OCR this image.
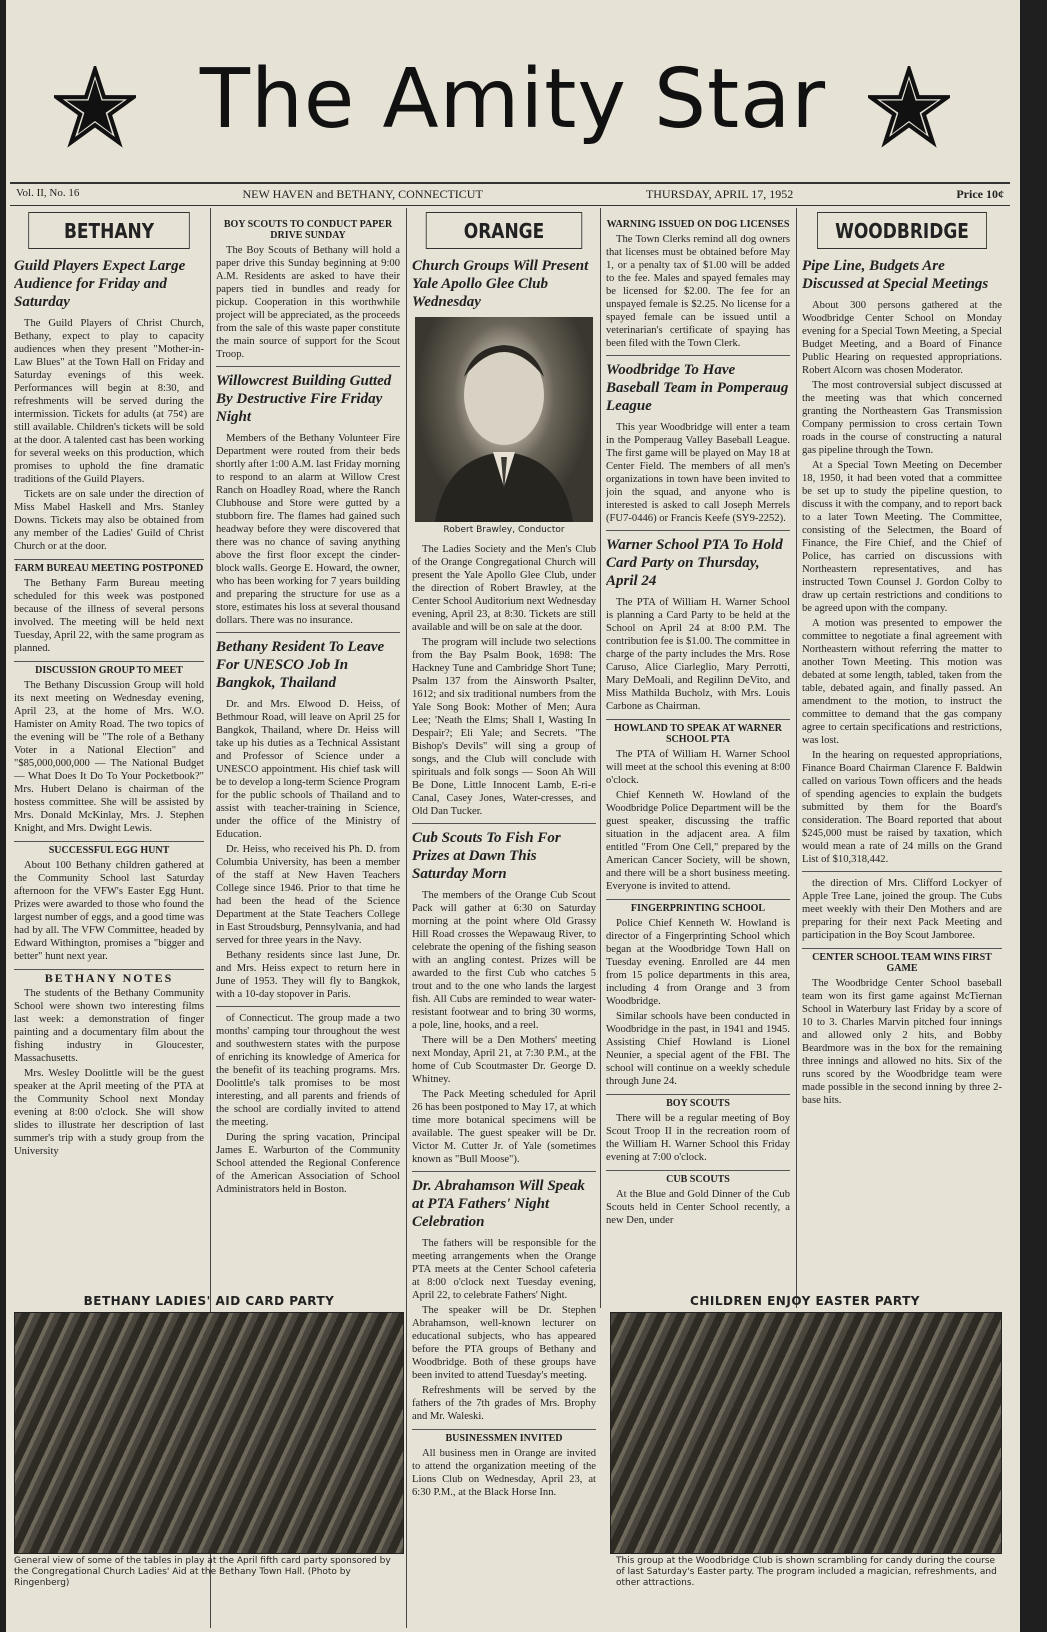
The Amity Star
Vol. II, No. 16	NEW HAVEN and BETHANY, CONNECTICUT	THURSDAY, APRIL 17, 1952	Price 10¢
BETHANY
Guild Players Expect Large Audience for Friday and Saturday

The Guild Players of Christ Church, Bethany, expect to play to capacity audiences when they present "Mother-in-Law Blues" at the Town Hall on Friday and Saturday evenings of this week. Performances will begin at 8:30, and refreshments will be served during the intermission. Tickets for adults (at 75¢) are still available. Children's tickets will be sold at the door. A talented cast has been working for several weeks on this production, which promises to uphold the fine dramatic traditions of the Guild Players.

Tickets are on sale under the direction of Miss Mabel Haskell and Mrs. Stanley Downs. Tickets may also be obtained from any member of the Ladies' Guild of Christ Church or at the door.

FARM BUREAU MEETING POSTPONED

The Bethany Farm Bureau meeting scheduled for this week was postponed because of the illness of several persons involved. The meeting will be held next Tuesday, April 22, with the same program as planned.

DISCUSSION GROUP TO MEET

The Bethany Discussion Group will hold its next meeting on Wednesday evening, April 23, at the home of Mrs. W.O. Hamister on Amity Road. The two topics of the evening will be "The role of a Bethany Voter in a National Election" and "$85,000,000,000 — The National Budget — What Does It Do To Your Pocketbook?" Mrs. Hubert Delano is chairman of the hostess committee. She will be assisted by Mrs. Donald McKinlay, Mrs. J. Stephen Knight, and Mrs. Dwight Lewis.

SUCCESSFUL EGG HUNT

About 100 Bethany children gathered at the Community School last Saturday afternoon for the VFW's Easter Egg Hunt. Prizes were awarded to those who found the largest number of eggs, and a good time was had by all. The VFW Committee, headed by Edward Withington, promises a "bigger and better" hunt next year.

BETHANY NOTES

The students of the Bethany Community School were shown two interesting films last week: a demonstration of finger painting and a documentary film about the fishing industry in Gloucester, Massachusetts.

Mrs. Wesley Doolittle will be the guest speaker at the April meeting of the PTA at the Community School next Monday evening at 8:00 o'clock. She will show slides to illustrate her description of last summer's trip with a study group from the University

BOY SCOUTS TO CONDUCT PAPER DRIVE SUNDAY

The Boy Scouts of Bethany will hold a paper drive this Sunday beginning at 9:00 A.M. Residents are asked to have their papers tied in bundles and ready for pickup. Cooperation in this worthwhile project will be appreciated, as the proceeds from the sale of this waste paper constitute the main source of support for the Scout Troop.

Willowcrest Building Gutted By Destructive Fire Friday Night

Members of the Bethany Volunteer Fire Department were routed from their beds shortly after 1:00 A.M. last Friday morning to respond to an alarm at Willow Crest Ranch on Hoadley Road, where the Ranch Clubhouse and Store were gutted by a stubborn fire. The flames had gained such headway before they were discovered that there was no chance of saving anything above the first floor except the cinder-block walls. George E. Howard, the owner, who has been working for 7 years building and preparing the structure for use as a store, estimates his loss at several thousand dollars. There was no insurance.

Bethany Resident To Leave For UNESCO Job In Bangkok, Thailand

Dr. and Mrs. Elwood D. Heiss, of Bethmour Road, will leave on April 25 for Bangkok, Thailand, where Dr. Heiss will take up his duties as a Technical Assistant and Professor of Science under a UNESCO appointment. His chief task will be to develop a long-term Science Program for the public schools of Thailand and to assist with teacher-training in Science, under the office of the Ministry of Education.

Dr. Heiss, who received his Ph. D. from Columbia University, has been a member of the staff at New Haven Teachers College since 1946. Prior to that time he had been the head of the Science Department at the State Teachers College in East Stroudsburg, Pennsylvania, and had served for three years in the Navy.

Bethany residents since last June, Dr. and Mrs. Heiss expect to return here in June of 1953. They will fly to Bangkok, with a 10-day stopover in Paris.

of Connecticut. The group made a two months' camping tour throughout the west and southwestern states with the purpose of enriching its knowledge of America for the benefit of its teaching programs. Mrs. Doolittle's talk promises to be most interesting, and all parents and friends of the school are cordially invited to attend the meeting.

During the spring vacation, Principal James E. Warburton of the Community School attended the Regional Conference of the American Association of School Administrators held in Boston.

ORANGE
Church Groups Will Present Yale Apollo Glee Club Wednesday
Robert Brawley, Conductor

The Ladies Society and the Men's Club of the Orange Congregational Church will present the Yale Apollo Glee Club, under the direction of Robert Brawley, at the Center School Auditorium next Wednesday evening, April 23, at 8:30. Tickets are still available and will be on sale at the door.

The program will include two selections from the Bay Psalm Book, 1698: The Hackney Tune and Cambridge Short Tune; Psalm 137 from the Ainsworth Psalter, 1612; and six traditional numbers from the Yale Song Book: Mother of Men; Aura Lee; 'Neath the Elms; Shall I, Wasting In Despair?; Eli Yale; and Secrets. "The Bishop's Devils" will sing a group of songs, and the Club will conclude with spirituals and folk songs — Soon Ah Will Be Done, Little Innocent Lamb, E-ri-e Canal, Casey Jones, Water-cresses, and Old Dan Tucker.

Cub Scouts To Fish For Prizes at Dawn This Saturday Morn

The members of the Orange Cub Scout Pack will gather at 6:30 on Saturday morning at the point where Old Grassy Hill Road crosses the Wepawaug River, to celebrate the opening of the fishing season with an angling contest. Prizes will be awarded to the first Cub who catches 5 trout and to the one who lands the largest fish. All Cubs are reminded to wear water-resistant footwear and to bring 30 worms, a pole, line, hooks, and a reel.

There will be a Den Mothers' meeting next Monday, April 21, at 7:30 P.M., at the home of Cub Scoutmaster Dr. George D. Whitney.

The Pack Meeting scheduled for April 26 has been postponed to May 17, at which time more botanical specimens will be available. The guest speaker will be Dr. Victor M. Cutter Jr. of Yale (sometimes known as "Bull Moose").

Dr. Abrahamson Will Speak at PTA Fathers' Night Celebration

The fathers will be responsible for the meeting arrangements when the Orange PTA meets at the Center School cafeteria at 8:00 o'clock next Tuesday evening, April 22, to celebrate Fathers' Night.

The speaker will be Dr. Stephen Abrahamson, well-known lecturer on educational subjects, who has appeared before the PTA groups of Bethany and Woodbridge. Both of these groups have been invited to attend Tuesday's meeting.

Refreshments will be served by the fathers of the 7th grades of Mrs. Brophy and Mr. Waleski.

BUSINESSMEN INVITED

All business men in Orange are invited to attend the organization meeting of the Lions Club on Wednesday, April 23, at 6:30 P.M., at the Black Horse Inn.

WARNING ISSUED ON DOG LICENSES

The Town Clerks remind all dog owners that licenses must be obtained before May 1, or a penalty tax of $1.00 will be added to the fee. Males and spayed females may be licensed for $2.00. The fee for an unspayed female is $2.25. No license for a spayed female can be issued until a veterinarian's certificate of spaying has been filed with the Town Clerk.

Woodbridge To Have Baseball Team in Pomperaug League

This year Woodbridge will enter a team in the Pomperaug Valley Baseball League. The first game will be played on May 18 at Center Field. The members of all men's organizations in town have been invited to join the squad, and anyone who is interested is asked to call Joseph Merrels (FU7-0446) or Francis Keefe (SY9-2252).

Warner School PTA To Hold Card Party on Thursday, April 24

The PTA of William H. Warner School is planning a Card Party to be held at the School on April 24 at 8:00 P.M. The contribution fee is $1.00. The committee in charge of the party includes the Mrs. Rose Caruso, Alice Ciarleglio, Mary Perrotti, Mary DeMoali, and Regilinn DeVito, and Miss Mathilda Bucholz, with Mrs. Louis Carbone as Chairman.

HOWLAND TO SPEAK AT WARNER SCHOOL PTA

The PTA of William H. Warner School will meet at the school this evening at 8:00 o'clock.

Chief Kenneth W. Howland of the Woodbridge Police Department will be the guest speaker, discussing the traffic situation in the adjacent area. A film entitled "From One Cell," prepared by the American Cancer Society, will be shown, and there will be a short business meeting. Everyone is invited to attend.

FINGERPRINTING SCHOOL

Police Chief Kenneth W. Howland is director of a Fingerprinting School which began at the Woodbridge Town Hall on Tuesday evening. Enrolled are 44 men from 15 police departments in this area, including 4 from Orange and 3 from Woodbridge.

Similar schools have been conducted in Woodbridge in the past, in 1941 and 1945. Assisting Chief Howland is Lionel Neunier, a special agent of the FBI. The school will continue on a weekly schedule through June 24.

BOY SCOUTS

There will be a regular meeting of Boy Scout Troop II in the recreation room of the William H. Warner School this Friday evening at 7:00 o'clock.

CUB SCOUTS

At the Blue and Gold Dinner of the Cub Scouts held in Center School recently, a new Den, under

WOODBRIDGE
Pipe Line, Budgets Are Discussed at Special Meetings

About 300 persons gathered at the Woodbridge Center School on Monday evening for a Special Town Meeting, a Special Budget Meeting, and a Board of Finance Public Hearing on requested appropriations. Robert Alcorn was chosen Moderator.

The most controversial subject discussed at the meeting was that which concerned granting the Northeastern Gas Transmission Company permission to cross certain Town roads in the course of constructing a natural gas pipeline through the Town.

At a Special Town Meeting on December 18, 1950, it had been voted that a committee be set up to study the pipeline question, to discuss it with the company, and to report back to a later Town Meeting. The Committee, consisting of the Selectmen, the Board of Finance, the Fire Chief, and the Chief of Police, has carried on discussions with Northeastern representatives, and has instructed Town Counsel J. Gordon Colby to draw up certain restrictions and conditions to be agreed upon with the company.

A motion was presented to empower the committee to negotiate a final agreement with Northeastern without referring the matter to another Town Meeting. This motion was debated at some length, tabled, taken from the table, debated again, and finally passed. An amendment to the motion, to instruct the committee to demand that the gas company agree to certain specifications and restrictions, was lost.

In the hearing on requested appropriations, Finance Board Chairman Clarence F. Baldwin called on various Town officers and the heads of spending agencies to explain the budgets submitted by them for the Board's consideration. The Board reported that about $245,000 must be raised by taxation, which would mean a rate of 24 mills on the Grand List of $10,318,442.

the direction of Mrs. Clifford Lockyer of Apple Tree Lane, joined the group. The Cubs meet weekly with their Den Mothers and are preparing for their next Pack Meeting and participation in the Boy Scout Jamboree.

CENTER SCHOOL TEAM WINS FIRST GAME

The Woodbridge Center School baseball team won its first game against McTiernan School in Waterbury last Friday by a score of 10 to 3. Charles Marvin pitched four innings and allowed only 2 hits, and Bobby Beardmore was in the box for the remaining three innings and allowed no hits. Six of the runs scored by the Woodbridge team were made possible in the second inning by three 2-base hits.

BETHANY LADIES' AID CARD PARTY
General view of some of the tables in play at the April fifth card party sponsored by the Congregational Church Ladies' Aid at the Bethany Town Hall. (Photo by Ringenberg)
CHILDREN ENJOY EASTER PARTY
This group at the Woodbridge Club is shown scrambling for candy during the course of last Saturday's Easter party. The program included a magician, refreshments, and other attractions.
